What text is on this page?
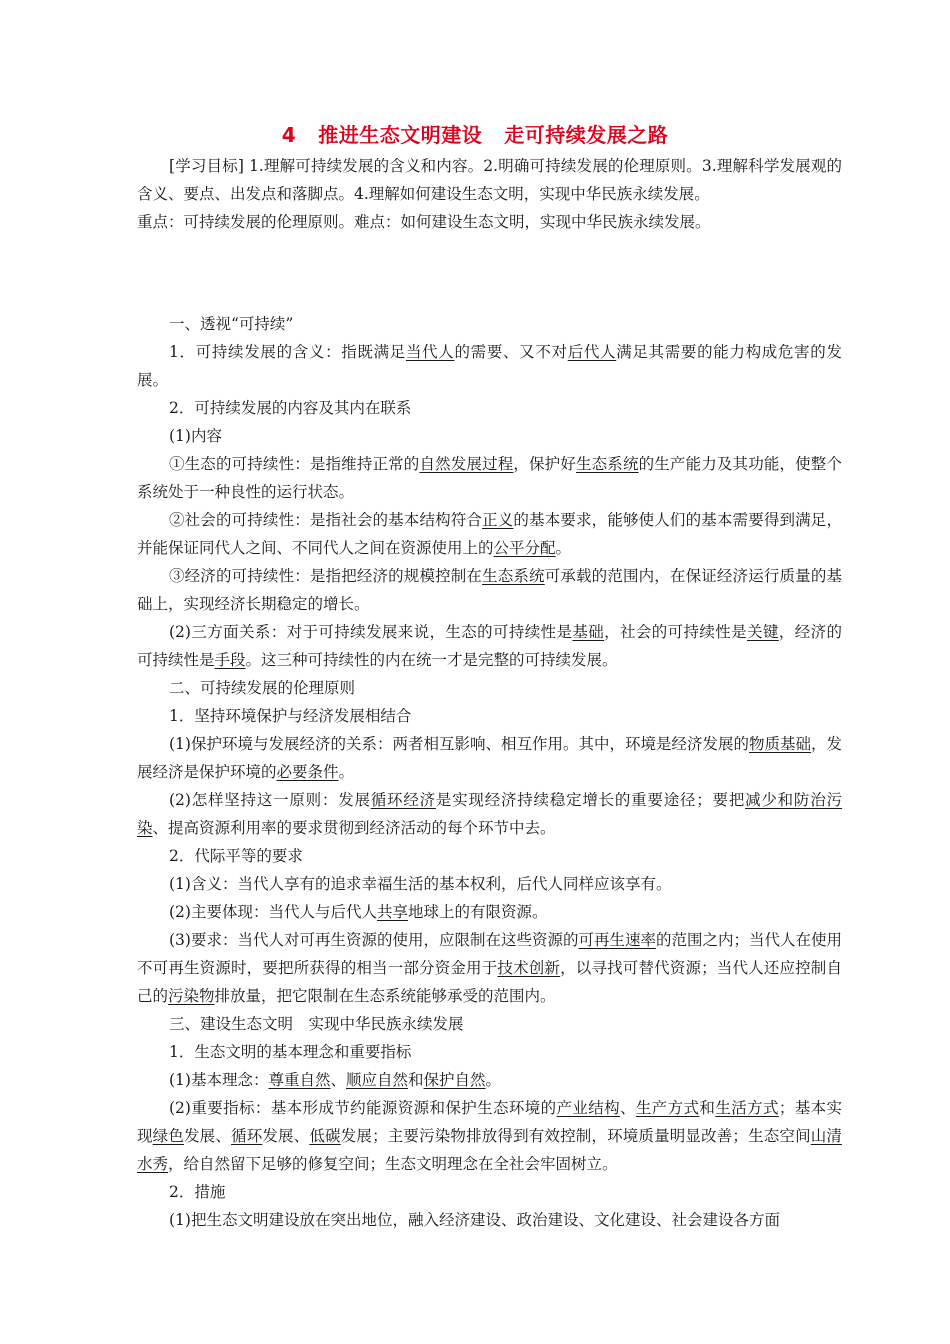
4 推进生态文明建设 走可持续发展之路

[学习目标] 1.理解可持续发展的含义和内容。2.明确可持续发展的伦理原则。3.理解科学发展观的含义、要点、出发点和落脚点。4.理解如何建设生态文明，实现中华民族永续发展。

重点：可持续发展的伦理原则。难点：如何建设生态文明，实现中华民族永续发展。

一、透视“可持续”

1．可持续发展的含义：指既满足当代人的需要、又不对后代人满足其需要的能力构成危害的发展。

2．可持续发展的内容及其内在联系

(1)内容

①生态的可持续性：是指维持正常的自然发展过程，保护好生态系统的生产能力及其功能，使整个系统处于一种良性的运行状态。

②社会的可持续性：是指社会的基本结构符合正义的基本要求，能够使人们的基本需要得到满足，并能保证同代人之间、不同代人之间在资源使用上的公平分配。

③经济的可持续性：是指把经济的规模控制在生态系统可承载的范围内，在保证经济运行质量的基础上，实现经济长期稳定的增长。

(2)三方面关系：对于可持续发展来说，生态的可持续性是基础，社会的可持续性是关键，经济的可持续性是手段。这三种可持续性的内在统一才是完整的可持续发展。

二、可持续发展的伦理原则

1．坚持环境保护与经济发展相结合

(1)保护环境与发展经济的关系：两者相互影响、相互作用。其中，环境是经济发展的物质基础，发展经济是保护环境的必要条件。

(2)怎样坚持这一原则：发展循环经济是实现经济持续稳定增长的重要途径；要把减少和防治污染、提高资源利用率的要求贯彻到经济活动的每个环节中去。

2．代际平等的要求

(1)含义：当代人享有的追求幸福生活的基本权利，后代人同样应该享有。

(2)主要体现：当代人与后代人共享地球上的有限资源。

(3)要求：当代人对可再生资源的使用，应限制在这些资源的可再生速率的范围之内；当代人在使用不可再生资源时，要把所获得的相当一部分资金用于技术创新，以寻找可替代资源；当代人还应控制自己的污染物排放量，把它限制在生态系统能够承受的范围内。

三、建设生态文明　实现中华民族永续发展

1．生态文明的基本理念和重要指标

(1)基本理念：尊重自然、顺应自然和保护自然。

(2)重要指标：基本形成节约能源资源和保护生态环境的产业结构、生产方式和生活方式；基本实现绿色发展、循环发展、低碳发展；主要污染物排放得到有效控制，环境质量明显改善；生态空间山清水秀，给自然留下足够的修复空间；生态文明理念在全社会牢固树立。

2．措施

(1)把生态文明建设放在突出地位，融入经济建设、政治建设、文化建设、社会建设各方面
